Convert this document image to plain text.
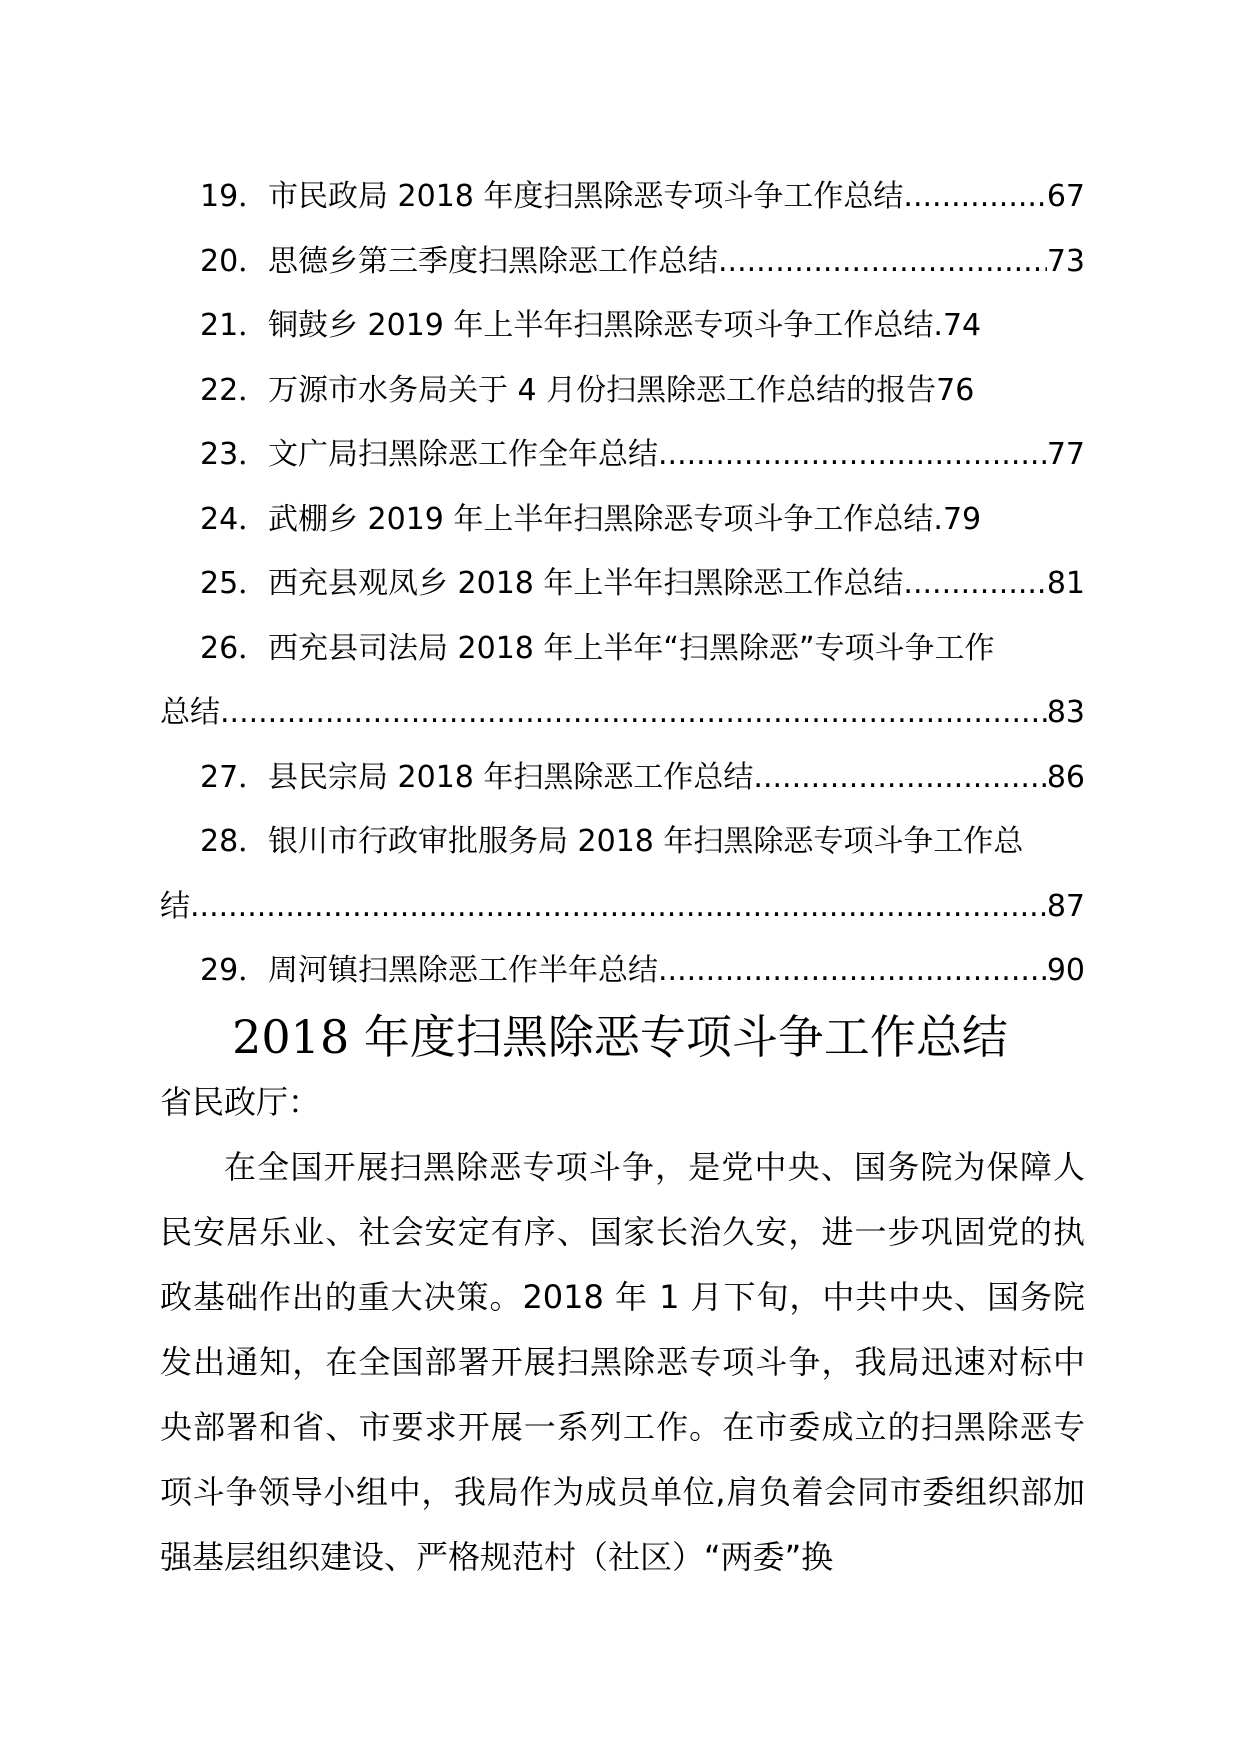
19． 市民政局 2018 年度扫黑除恶专项斗争工作总结 .....	67
20． 思德乡第三季度扫黑除恶工作总结 .....	73
21． 铜鼓乡 2019 年上半年扫黑除恶专项斗争工作总结. 74
22． 万源市水务局关于 4 月份扫黑除恶工作总结的报告 76
23． 文广局扫黑除恶工作全年总结 .....	77
24． 武棚乡 2019 年上半年扫黑除恶专项斗争工作总结. 79
25． 西充县观凤乡 2018 年上半年扫黑除恶工作总结 .....	81
26． 西充县司法局 2018 年上半年“扫黑除恶”专项斗争工作
总结 .....	83
27． 县民宗局 2018 年扫黑除恶工作总结 .....	86
28． 银川市行政审批服务局 2018 年扫黑除恶专项斗争工作总
结 .....	87
29． 周河镇扫黑除恶工作半年总结 .....	90
2018 年度扫黑除恶专项斗争工作总结
省民政厅：

在全国开展扫黑除恶专项斗争，是党中央、国务院为保障人民安居乐业、社会安定有序、国家长治久安，进一步巩固党的执政基础作出的重大决策。2018 年 1 月下旬，中共中央、国务院发出通知，在全国部署开展扫黑除恶专项斗争，我局迅速对标中央部署和省、市要求开展一系列工作。在市委成立的扫黑除恶专项斗争领导小组中，我局作为成员单位,肩负着会同市委组织部加强基层组织建设、严格规范村（社区）“两委”换
